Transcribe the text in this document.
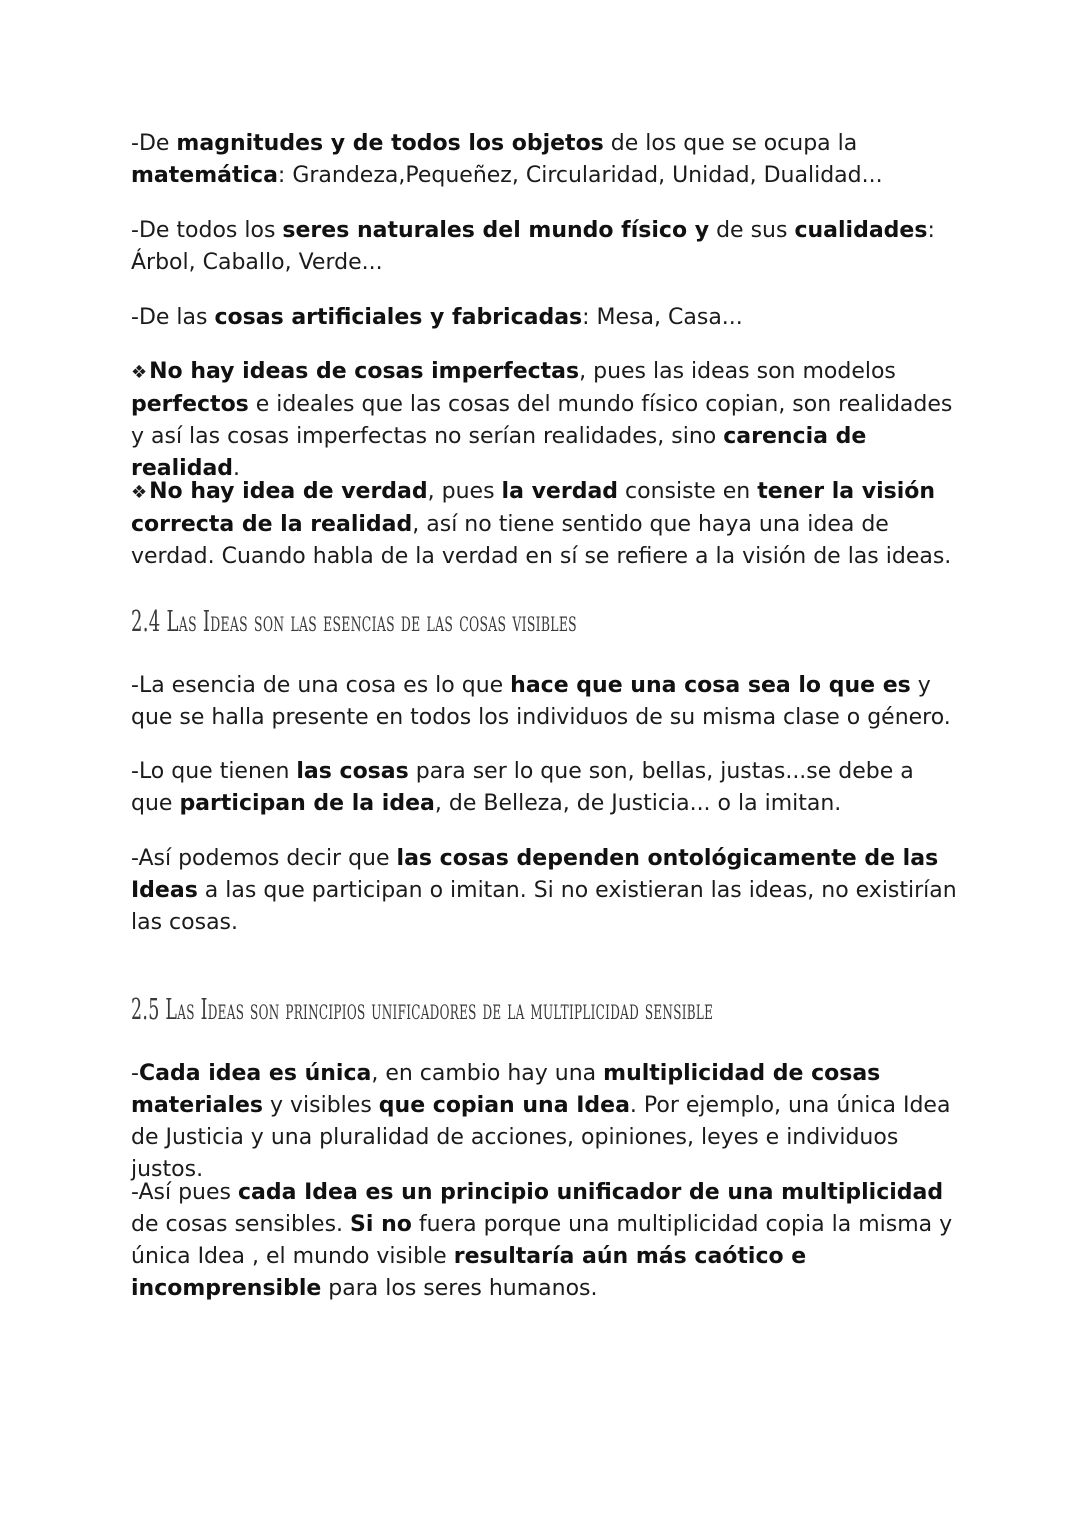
-De magnitudes y de todos los objetos de los que se ocupa la matemática: Grandeza,Pequeñez, Circularidad, Unidad, Dualidad...

-De todos los seres naturales del mundo físico y de sus cualidades: Árbol, Caballo, Verde...

-De las cosas artificiales y fabricadas: Mesa, Casa...

❖No hay ideas de cosas imperfectas, pues las ideas son modelos perfectos e ideales que las cosas del mundo físico copian, son realidades y así las cosas imperfectas no serían realidades, sino carencia de realidad.

❖No hay idea de verdad, pues la verdad consiste en tener la visión correcta de la realidad, así no tiene sentido que haya una idea de verdad. Cuando habla de la verdad en sí se refiere a la visión de las ideas.

2.4 Las Ideas son las esencias de las cosas visibles

-La esencia de una cosa es lo que hace que una cosa sea lo que es y que se halla presente en todos los individuos de su misma clase o género.

-Lo que tienen las cosas para ser lo que son, bellas, justas...se debe a que participan de la idea, de Belleza, de Justicia... o la imitan.

-Así podemos decir que las cosas dependen ontológicamente de las Ideas a las que participan o imitan. Si no existieran las ideas, no existirían las cosas.

2.5 Las Ideas son principios unificadores de la multiplicidad sensible

-Cada idea es única, en cambio hay una multiplicidad de cosas materiales y visibles que copian una Idea. Por ejemplo, una única Idea de Justicia y una pluralidad de acciones, opiniones, leyes e individuos justos.

-Así pues cada Idea es un principio unificador de una multiplicidad de cosas sensibles. Si no fuera porque una multiplicidad copia la misma y única Idea , el mundo visible resultaría aún más caótico e incomprensible para los seres humanos.
